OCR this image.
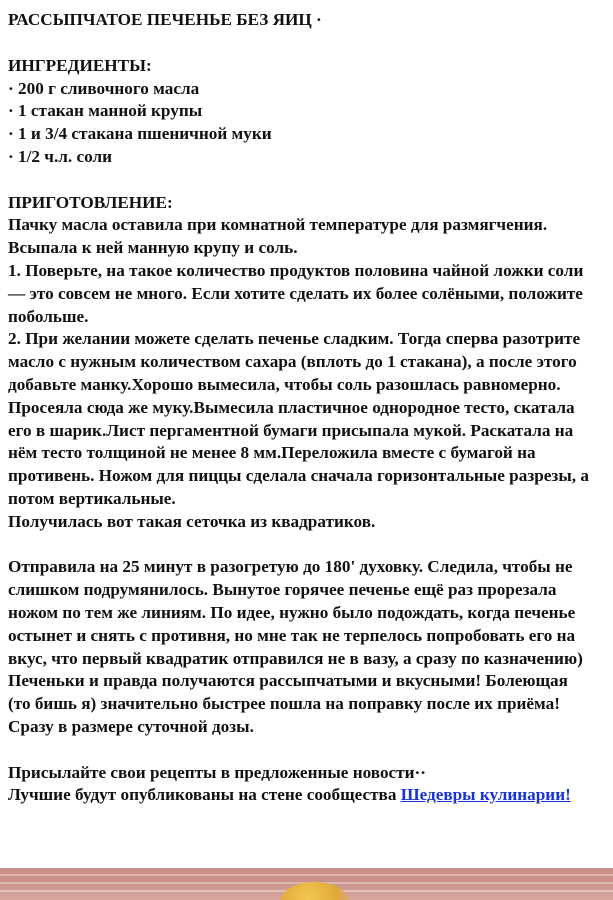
РАССЫПЧАТОЕ ПЕЧЕНЬЕ БЕЗ ЯИЦ ·
ИНГРЕДИЕНТЫ:
· 200 г сливочного масла
· 1 стакан манной крупы
· 1 и 3/4 стакана пшеничной муки
· 1/2 ч.л. соли
ПРИГОТОВЛЕНИЕ:

Пачку масла оставила при комнатной температуре для размягчения. Всыпала к ней манную крупу и соль.

1. Поверьте, на такое количество продуктов половина чайной ложки соли — это совсем не много. Если хотите сделать их более солёными, положите побольше.

2. При желании можете сделать печенье сладким. Тогда сперва разотрите масло с нужным количеством сахара (вплоть до 1 стакана), а после этого добавьте манку.Хорошо вымесила, чтобы соль разошлась равномерно. Просеяла сюда же муку.Вымесила пластичное однородное тесто, скатала его в шарик.Лист пергаментной бумаги присыпала мукой. Раскатала на нём тесто толщиной не менее 8 мм.Переложила вместе с бумагой на противень. Ножом для пиццы сделала сначала горизонтальные разрезы, а потом вертикальные.

Получилась вот такая сеточка из квадратиков.

Отправила на 25 минут в разогретую до 180' духовку. Следила, чтобы не слишком подрумянилось. Вынутое горячее печенье ещё раз прорезала ножом по тем же линиям. По идее, нужно было подождать, когда печенье остынет и снять с противня, но мне так не терпелось попробовать его на вкус, что первый квадратик отправился не в вазу, а сразу по казначению) Печеньки и правда получаются рассыпчатыми и вкусными! Болеющая (то бишь я) значительно быстрее пошла на поправку после их приёма! Сразу в размере суточной дозы.

Присылайте свои рецепты в предложенные новости··

Лучшие будут опубликованы на стене сообщества Шедевры кулинарии!
